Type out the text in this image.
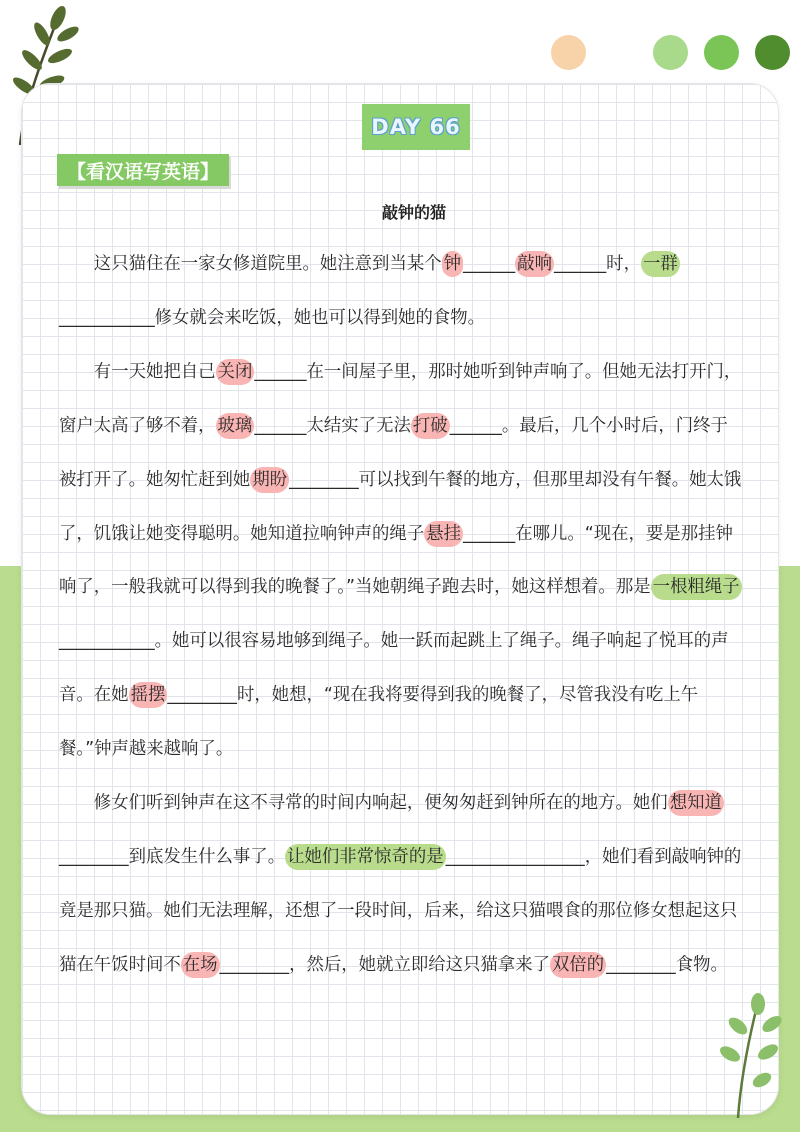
DAY 66
【看汉语写英语】
敲钟的猫

这只猫住在一家女修道院里。她注意到当某个 钟 ______ 敲响 ______时， 一群___________修女就会来吃饭，她也可以得到她的食物。

有一天她把自己 关闭 ______在一间屋子里，那时她听到钟声响了。但她无法打开门，窗户太高了够不着， 玻璃 ______太结实了无法 打破 ______。最后，几个小时后，门终于被打开了。她匆忙赶到她 期盼 ________可以找到午餐的地方，但那里却没有午餐。她太饿了，饥饿让她变得聪明。她知道拉响钟声的绳子 悬挂 ______在哪儿。“现在，要是那挂钟响了，一般我就可以得到我的晚餐了。”当她朝绳子跑去时，她这样想着。那是 一根粗绳子___________。她可以很容易地够到绳子。她一跃而起跳上了绳子。绳子响起了悦耳的声音。在她 摇摆 ________时，她想，“现在我将要得到我的晚餐了，尽管我没有吃上午餐。”钟声越来越响了。

修女们听到钟声在这不寻常的时间内响起，便匆匆赶到钟所在的地方。她们 想知道________到底发生什么事了。 让她们非常惊奇的是 ________________，她们看到敲响钟的竟是那只猫。她们无法理解，还想了一段时间，后来，给这只猫喂食的那位修女想起这只猫在午饭时间不 在场 ________，然后，她就立即给这只猫拿来了 双倍的 ________食物。
